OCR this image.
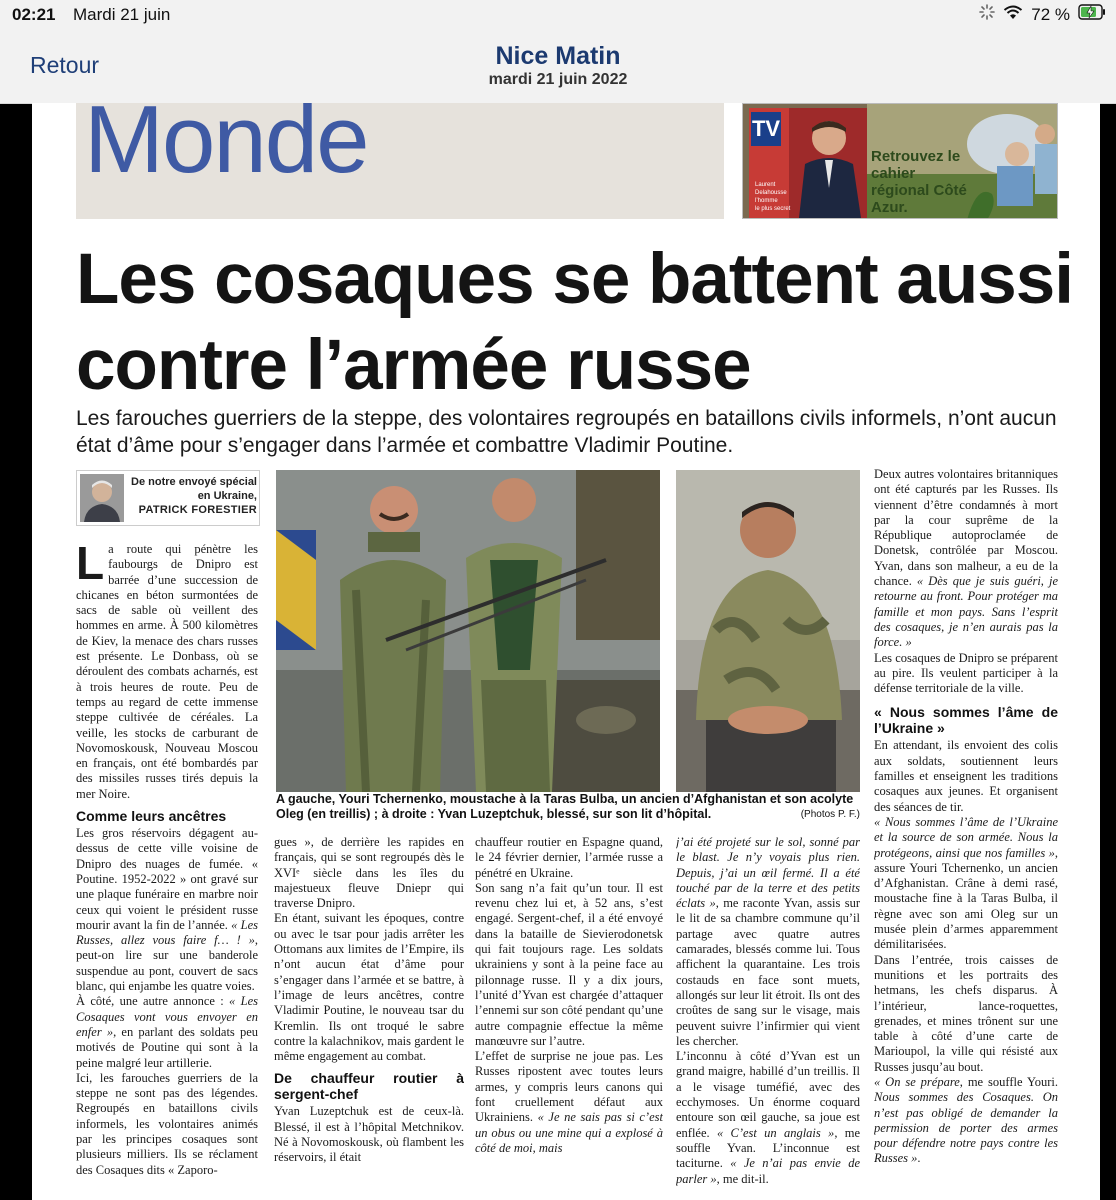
02:21 Mardi 21 juin	72 %
Retour	Nice Matin
mardi 21 juin 2022
Monde	Laurent
Delahousse
l’homme
le plus secret
TV
Retrouvez le cahier régional Côté Azur.
Les cosaques se battent aussi contre l’armée russe
Les farouches guerriers de la steppe, des volontaires regroupés en bataillons civils informels, n’ont aucun état d’âme pour s’engager dans l’armée et combattre Vladimir Poutine.
De notre envoyé spécial
en Ukraine,
PATRICK FORESTIER

La route qui pénètre les faubourgs de Dnipro est barrée d’une succession de chicanes en béton surmontées de sacs de sable où veillent des hommes en arme. À 500 kilomètres de Kiev, la menace des chars russes est présente. Le Donbass, où se déroulent des combats acharnés, est à trois heures de route. Peu de temps au regard de cette immense steppe cultivée de céréales. La veille, les stocks de carburant de Novomoskousk, Nouveau Moscou en français, ont été bombardés par des missiles russes tirés depuis la mer Noire.

Comme leurs ancêtres

Les gros réservoirs dégagent au-dessus de cette ville voisine de Dnipro des nuages de fumée. « Poutine. 1952-2022 » ont gravé sur une plaque funéraire en marbre noir ceux qui voient le président russe mourir avant la fin de l’année. « Les Russes, allez vous faire f… ! », peut-on lire sur une banderole suspendue au pont, couvert de sacs blanc, qui enjambe les quatre voies.

À côté, une autre annonce : « Les Cosaques vont vous envoyer en enfer », en parlant des soldats peu motivés de Poutine qui sont à la peine malgré leur artillerie.

Ici, les farouches guerriers de la steppe ne sont pas des légendes. Regroupés en bataillons civils informels, les volontaires animés par les principes cosaques sont plusieurs milliers. Ils se réclament des Cosaques dits « Zaporo-

A gauche, Youri Tchernenko, moustache à la Taras Bulba, un ancien d’Afghanistan et son acolyte Oleg (en treillis) ; à droite : Yvan Luzeptchuk, blessé, sur son lit d’hôpital.	(Photos P. F.)

gues », de derrière les rapides en français, qui se sont regroupés dès le XVIᵉ siècle dans les îles du majestueux fleuve Dniepr qui traverse Dnipro.

En étant, suivant les époques, contre ou avec le tsar pour jadis arrêter les Ottomans aux limites de l’Empire, ils n’ont aucun état d’âme pour s’engager dans l’armée et se battre, à l’image de leurs ancêtres, contre Vladimir Poutine, le nouveau tsar du Kremlin. Ils ont troqué le sabre contre la kalachnikov, mais gardent le même engagement au combat.

De chauffeur routier à sergent-chef

Yvan Luzeptchuk est de ceux-là. Blessé, il est à l’hôpital Metchnikov. Né à Novomoskousk, où flambent les réservoirs, il était

chauffeur routier en Espagne quand, le 24 février dernier, l’armée russe a pénétré en Ukraine.

Son sang n’a fait qu’un tour. Il est revenu chez lui et, à 52 ans, s’est engagé. Sergent-chef, il a été envoyé dans la bataille de Sievierodonetsk qui fait toujours rage. Les soldats ukrainiens y sont à la peine face au pilonnage russe. Il y a dix jours, l’unité d’Yvan est chargée d’attaquer l’ennemi sur son côté pendant qu’une autre compagnie effectue la même manœuvre sur l’autre.

L’effet de surprise ne joue pas. Les Russes ripostent avec toutes leurs armes, y compris leurs canons qui font cruellement défaut aux Ukrainiens. « Je ne sais pas si c’est un obus ou une mine qui a explosé à côté de moi, mais

j’ai été projeté sur le sol, sonné par le blast. Je n’y voyais plus rien. Depuis, j’ai un œil fermé. Il a été touché par de la terre et des petits éclats », me raconte Yvan, assis sur le lit de sa chambre commune qu’il partage avec quatre autres camarades, blessés comme lui. Tous affichent la quarantaine. Les trois costauds en face sont muets, allongés sur leur lit étroit. Ils ont des croûtes de sang sur le visage, mais peuvent suivre l’infirmier qui vient les chercher.

L’inconnu à côté d’Yvan est un grand maigre, habillé d’un treillis. Il a le visage tuméfié, avec des ecchymoses. Un énorme coquard entoure son œil gauche, sa joue est enflée. « C’est un anglais », me souffle Yvan. L’inconnue est taciturne. « Je n’ai pas envie de parler », me dit-il.

Deux autres volontaires britanniques ont été capturés par les Russes. Ils viennent d’être condamnés à mort par la cour suprême de la République autoproclamée de Donetsk, contrôlée par Moscou. Yvan, dans son malheur, a eu de la chance. « Dès que je suis guéri, je retourne au front. Pour protéger ma famille et mon pays. Sans l’esprit des cosaques, je n’en aurais pas la force. »

Les cosaques de Dnipro se préparent au pire. Ils veulent participer à la défense territoriale de la ville.

« Nous sommes l’âme de l’Ukraine »

En attendant, ils envoient des colis aux soldats, soutiennent leurs familles et enseignent les traditions cosaques aux jeunes. Et organisent des séances de tir.

« Nous sommes l’âme de l’Ukraine et la source de son armée. Nous la protégeons, ainsi que nos familles », assure Youri Tchernenko, un ancien d’Afghanistan. Crâne à demi rasé, moustache fine à la Taras Bulba, il règne avec son ami Oleg sur un musée plein d’armes apparemment démilitarisées.

Dans l’entrée, trois caisses de munitions et les portraits des hetmans, les chefs disparus. À l’intérieur, lance-roquettes, grenades, et mines trônent sur une table à côté d’une carte de Marioupol, la ville qui résisté aux Russes jusqu’au bout.

« On se prépare, me souffle Youri. Nous sommes des Cosaques. On n’est pas obligé de demander la permission de porter des armes pour défendre notre pays contre les Russes ».
